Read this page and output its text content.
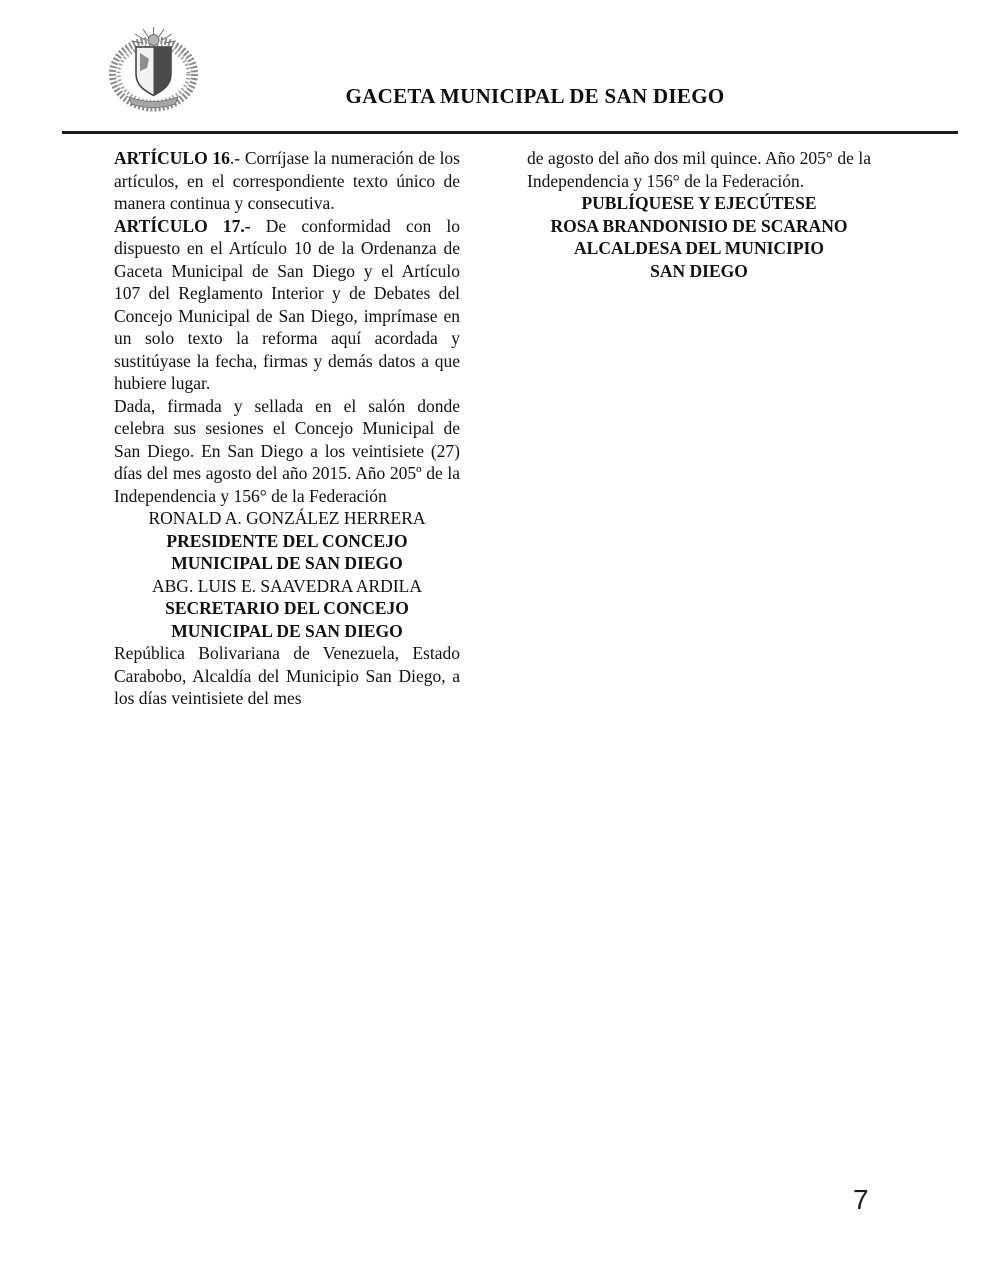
GACETA MUNICIPAL DE SAN DIEGO

ARTÍCULO 16.- Corríjase la numeración de los artículos, en el correspondiente texto único de manera continua y consecutiva.

ARTÍCULO 17.- De conformidad con lo dispuesto en el Artículo 10 de la Ordenanza de Gaceta Municipal de San Diego y el Artículo 107 del Reglamento Interior y de Debates del Concejo Municipal de San Diego, imprímase en un solo texto la reforma aquí acordada y sustitúyase la fecha, firmas y demás datos a que hubiere lugar.

Dada, firmada y sellada en el salón donde celebra sus sesiones el Concejo Municipal de San Diego. En San Diego a los veintisiete (27) días del mes agosto del año 2015. Año 205º de la Independencia y 156° de la Federación

RONALD A. GONZÁLEZ HERRERA

PRESIDENTE DEL CONCEJO

MUNICIPAL DE SAN DIEGO

ABG. LUIS E. SAAVEDRA ARDILA

SECRETARIO DEL CONCEJO

MUNICIPAL DE SAN DIEGO

República Bolivariana de Venezuela, Estado Carabobo, Alcaldía del Municipio San Diego, a los días veintisiete del mes

de agosto del año dos mil quince. Año 205° de la Independencia y 156° de la Federación.

PUBLÍQUESE Y EJECÚTESE

ROSA BRANDONISIO DE SCARANO

ALCALDESA DEL MUNICIPIO

SAN DIEGO

7
